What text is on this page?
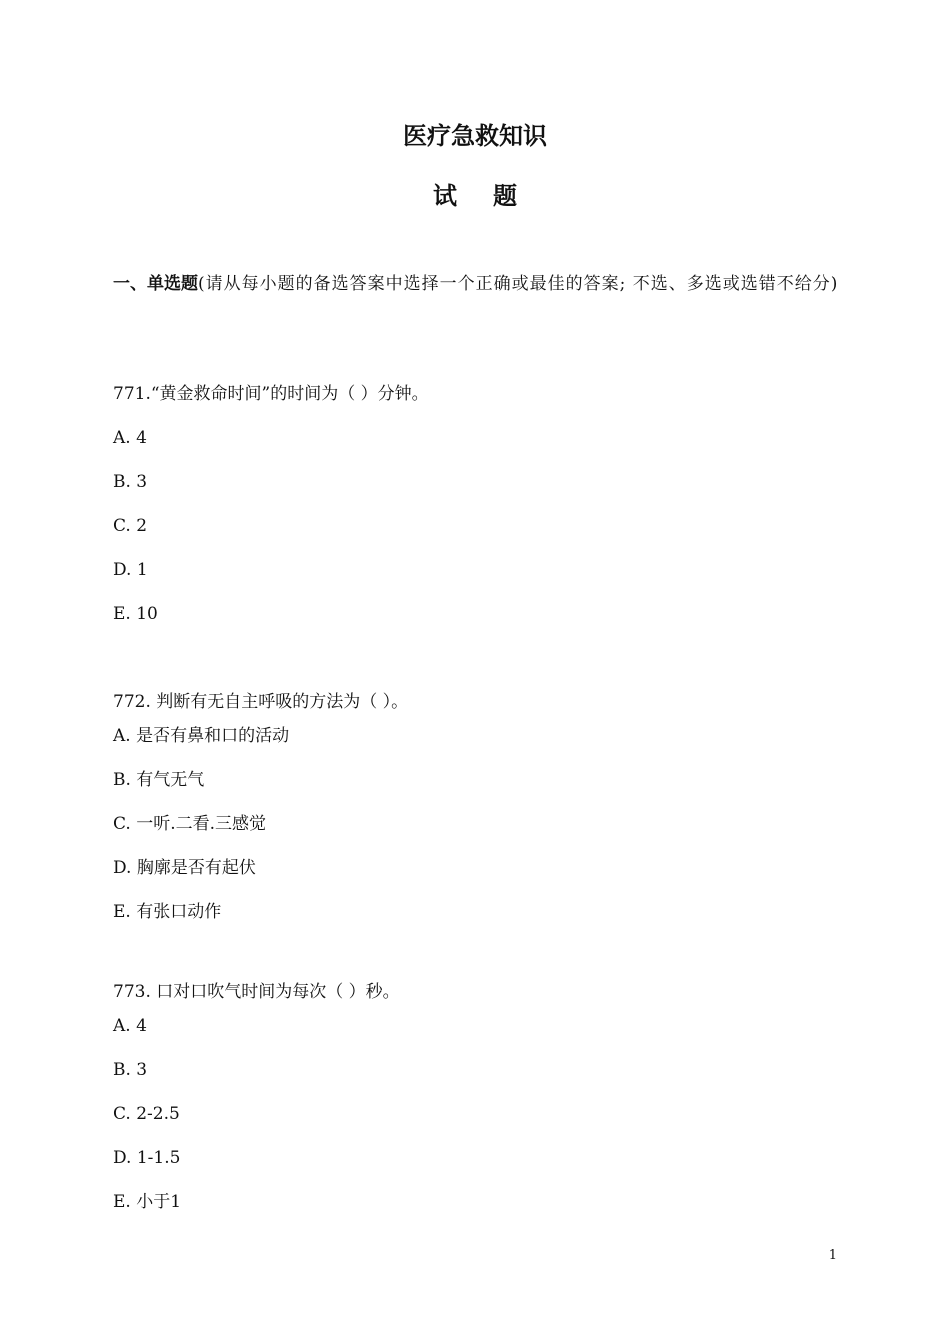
医疗急救知识
试题

一、单选题(请从每小题的备选答案中选择一个正确或最佳的答案; 不选、多选或选错不给分)

771.“黄金救命时间”的时间为（ ）分钟。

A. 4
B. 3
C. 2
D. 1
E. 10

772. 判断有无自主呼吸的方法为（ ）。

A. 是否有鼻和口的活动
B. 有气无气
C. 一听.二看.三感觉
D. 胸廓是否有起伏
E. 有张口动作

773. 口对口吹气时间为每次（ ）秒。

A. 4
B. 3
C. 2-2.5
D. 1-1.5
E. 小于1
1
